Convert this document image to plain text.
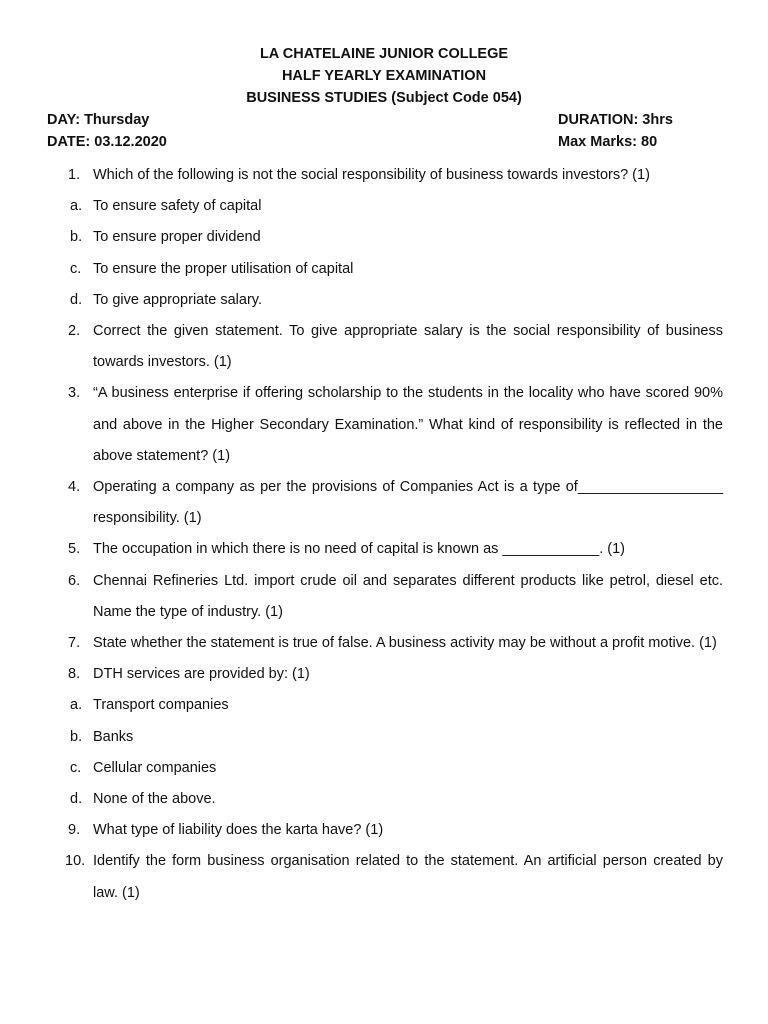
LA CHATELAINE JUNIOR COLLEGE
HALF YEARLY EXAMINATION
BUSINESS STUDIES (Subject Code 054)
DAY: Thursday	DURATION: 3hrs
DATE: 03.12.2020	Max Marks: 80
1. Which of the following is not the social responsibility of business towards investors? (1)
a. To ensure safety of capital
b. To ensure proper dividend
c. To ensure the proper utilisation of capital
d. To give appropriate salary.
2. Correct the given statement. To give appropriate salary is the social responsibility of business towards investors. (1)
3. “A business enterprise if offering scholarship to the students in the locality who have scored 90% and above in the Higher Secondary Examination.” What kind of responsibility is reflected in the above statement? (1)
4. Operating a company as per the provisions of Companies Act is a type of__________________ responsibility. (1)
5. The occupation in which there is no need of capital is known as ____________. (1)
6. Chennai Refineries Ltd. import crude oil and separates different products like petrol, diesel etc. Name the type of industry. (1)
7. State whether the statement is true of false. A business activity may be without a profit motive. (1)
8. DTH services are provided by: (1)
a. Transport companies
b. Banks
c. Cellular companies
d. None of the above.
9. What type of liability does the karta have? (1)
10. Identify the form business organisation related to the statement. An artificial person created by law. (1)
